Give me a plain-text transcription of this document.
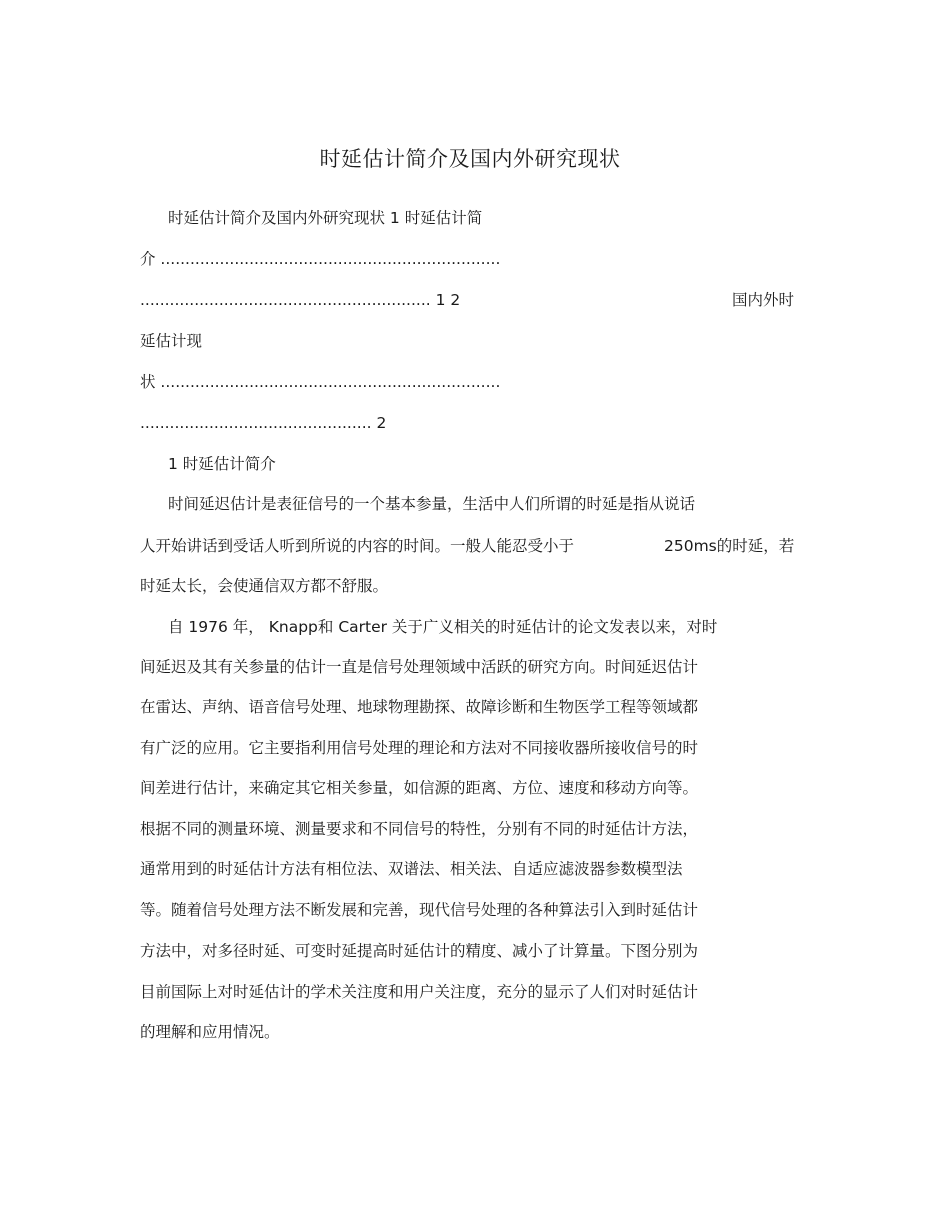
时延估计简介及国内外研究现状
时延估计简介及国内外研究现状 1 时延估计简
介 .....................................................................
........................................................... 1 2	国内外时
延估计现
状 .....................................................................
............................................... 2
1 时延估计简介
时间延迟估计是表征信号的一个基本参量，生活中人们所谓的时延是指从说话
人开始讲话到受话人听到所说的内容的时间。一般人能忍受小于	250ms的时延，若
时延太长，会使通信双方都不舒服。
自 1976 年， Knapp和 Carter 关于广义相关的时延估计的论文发表以来，对时
间延迟及其有关参量的估计一直是信号处理领域中活跃的研究方向。时间延迟估计
在雷达、声纳、语音信号处理、地球物理勘探、故障诊断和生物医学工程等领域都
有广泛的应用。它主要指利用信号处理的理论和方法对不同接收器所接收信号的时
间差进行估计，来确定其它相关参量，如信源的距离、方位、速度和移动方向等。
根据不同的测量环境、测量要求和不同信号的特性，分别有不同的时延估计方法，
通常用到的时延估计方法有相位法、双谱法、相关法、自适应滤波器参数模型法
等。随着信号处理方法不断发展和完善，现代信号处理的各种算法引入到时延估计
方法中，对多径时延、可变时延提高时延估计的精度、减小了计算量。下图分别为
目前国际上对时延估计的学术关注度和用户关注度，充分的显示了人们对时延估计
的理解和应用情况。
